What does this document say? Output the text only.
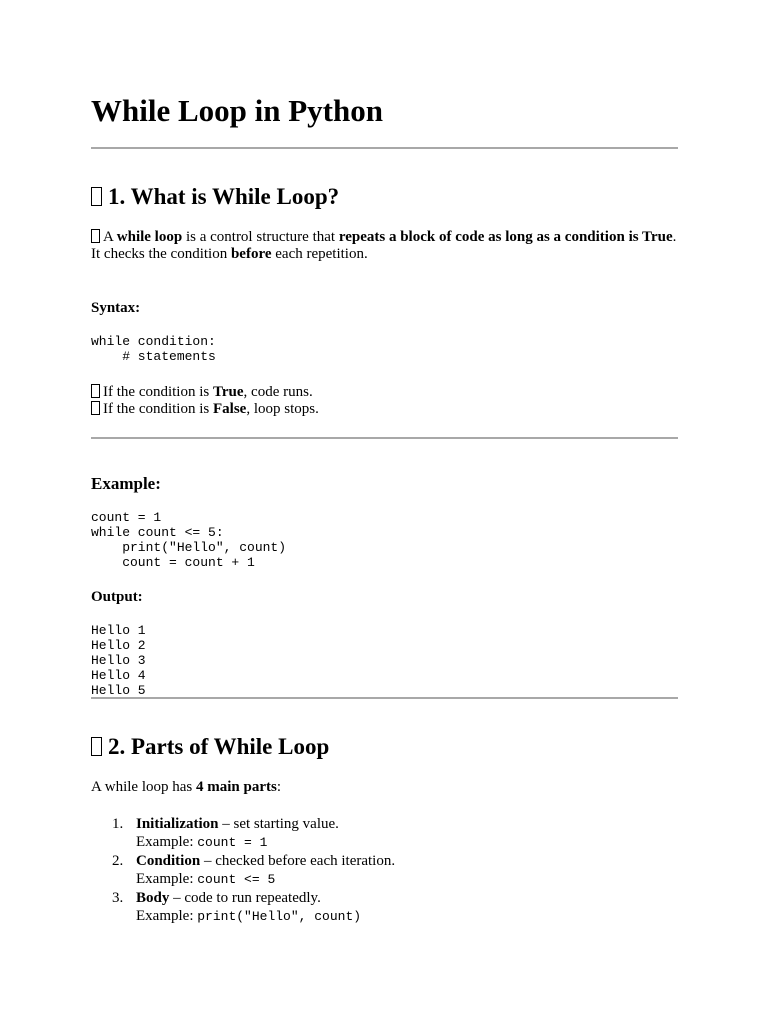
While Loop in Python
1. What is While Loop?

A while loop is a control structure that repeats a block of code as long as a condition is True.
It checks the condition before each repetition.

Syntax:

while condition:
# statements

If the condition is True, code runs.
If the condition is False, loop stops.

Example:

count = 1
while count <= 5:
print("Hello", count)
count = count + 1

Output:

Hello 1
Hello 2
Hello 3
Hello 4
Hello 5
2. Parts of While Loop

A while loop has 4 main parts:

1. Initialization – set starting value.
Example: count = 1
2. Condition – checked before each iteration.
Example: count <= 5
3. Body – code to run repeatedly.
Example: print("Hello", count)
